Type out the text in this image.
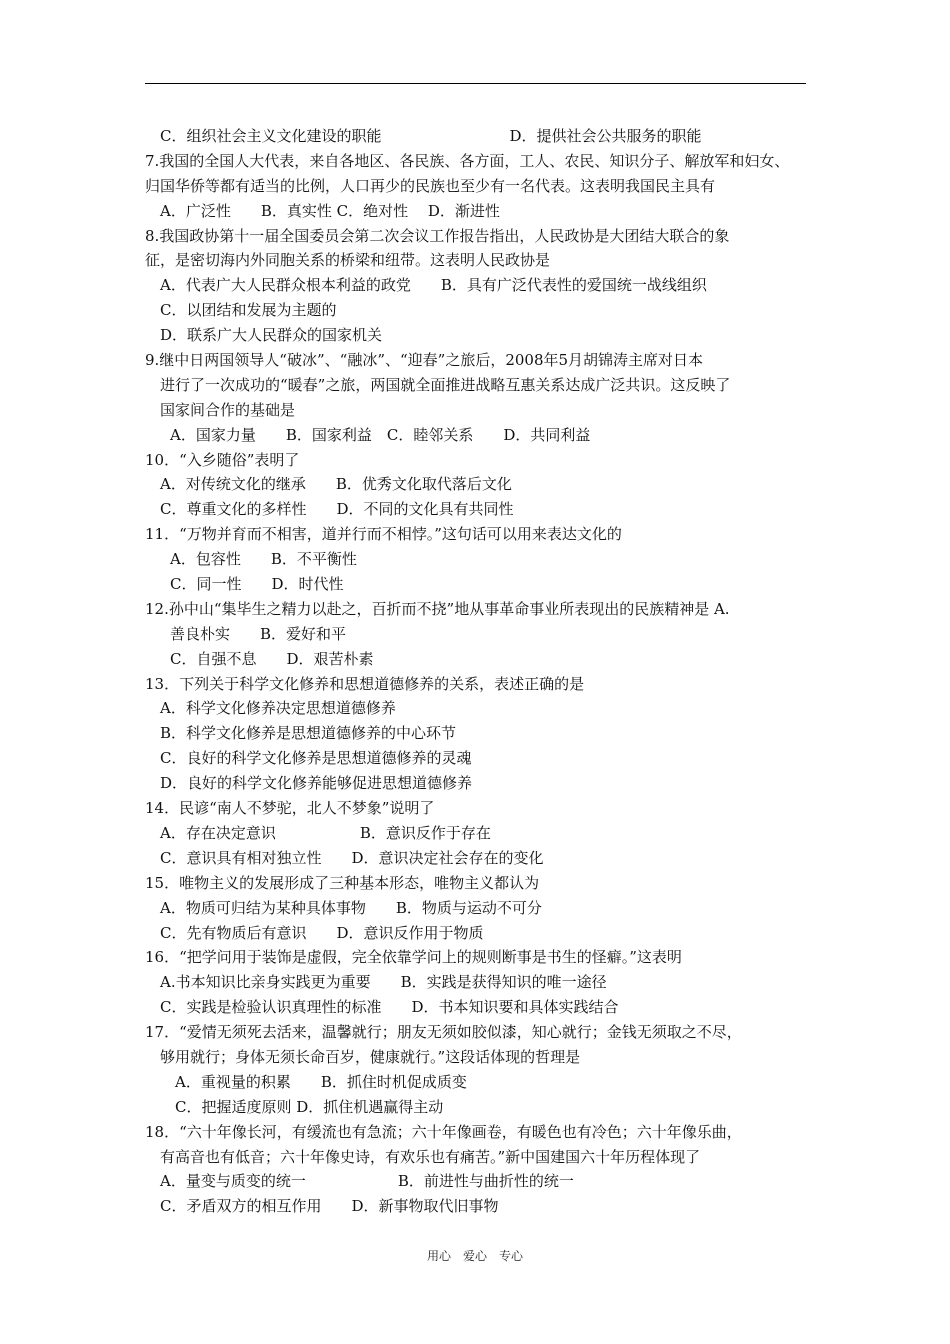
C．组织社会主义文化建设的职能	D．提供社会公共服务的职能
7.我国的全国人大代表，来自各地区、各民族、各方面，工人、农民、知识分子、解放军和妇女、
归国华侨等都有适当的比例，人口再少的民族也至少有一名代表。这表明我国民主具有
A．广泛性　　B．真实性 C．绝对性　 D．渐进性
8.我国政协第十一届全国委员会第二次会议工作报告指出，人民政协是大团结大联合的象
征，是密切海内外同胞关系的桥梁和纽带。这表明人民政协是
A．代表广大人民群众根本利益的政党　　B．具有广泛代表性的爱国统一战线组织
C．以团结和发展为主题的
D．联系广大人民群众的国家机关
9.继中日两国领导人“破冰”、“融冰”、“迎春”之旅后，2008年5月胡锦涛主席对日本
进行了一次成功的“暖春”之旅，两国就全面推进战略互惠关系达成广泛共识。这反映了
国家间合作的基础是
A．国家力量　　B．国家利益　C．睦邻关系　　D．共同利益
10．“入乡随俗”表明了
A．对传统文化的继承　　B．优秀文化取代落后文化
C．尊重文化的多样性　　D．不同的文化具有共同性
11．“万物并育而不相害，道并行而不相悖。”这句话可以用来表达文化的
A．包容性　　B．不平衡性
C．同一性　　D．时代性
12.孙中山“集毕生之精力以赴之，百折而不挠”地从事革命事业所表现出的民族精神是 A.
善良朴实　　B．爱好和平
C．自强不息　　D．艰苦朴素
13．下列关于科学文化修养和思想道德修养的关系，表述正确的是
A．科学文化修养决定思想道德修养
B．科学文化修养是思想道德修养的中心环节
C．良好的科学文化修养是思想道德修养的灵魂
D．良好的科学文化修养能够促进思想道德修养
14．民谚“南人不梦驼，北人不梦象”说明了
A．存在决定意识	B．意识反作于存在
C．意识具有相对独立性 D．意识决定社会存在的变化
15．唯物主义的发展形成了三种基本形态，唯物主义都认为
A．物质可归结为某种具体事物　　B．物质与运动不可分
C．先有物质后有意识　　D．意识反作用于物质
16．“把学问用于装饰是虚假，完全依靠学问上的规则断事是书生的怪癖。”这表明
A.书本知识比亲身实践更为重要　　B．实践是获得知识的唯一途径
C．实践是检验认识真理性的标准　　D．书本知识要和具体实践结合
17．“爱情无须死去活来，温馨就行；朋友无须如胶似漆，知心就行；金钱无须取之不尽，
够用就行；身体无须长命百岁，健康就行。”这段话体现的哲理是
A．重视量的积累　　B．抓住时机促成质变
C．把握适度原则 D．抓住机遇赢得主动
18．“六十年像长河，有缓流也有急流；六十年像画卷，有暖色也有冷色；六十年像乐曲，
有高音也有低音；六十年像史诗，有欢乐也有痛苦。”新中国建国六十年历程体现了
A．量变与质变的统一	B．前进性与曲折性的统一
C．矛盾双方的相互作用　　D．新事物取代旧事物
用心　爱心　专心
